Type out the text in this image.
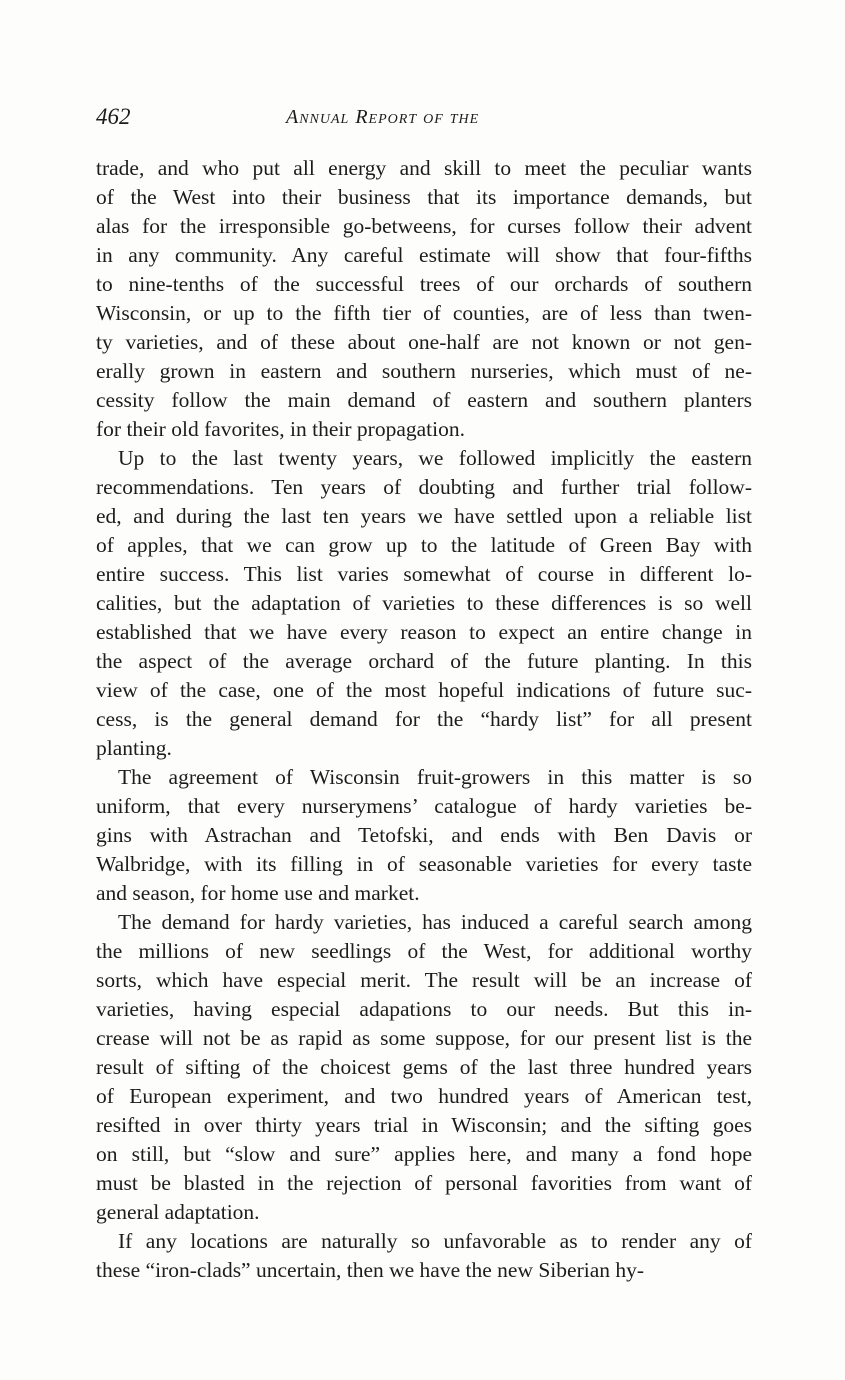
462	Annual Report of the
trade, and who put all energy and skill to meet the peculiar wants
of the West into their business that its importance demands, but
alas for the irresponsible go-betweens, for curses follow their advent
in any community. Any careful estimate will show that four-fifths
to nine-tenths of the successful trees of our orchards of southern
Wisconsin, or up to the fifth tier of counties, are of less than twen-
ty varieties, and of these about one-half are not known or not gen-
erally grown in eastern and southern nurseries, which must of ne-
cessity follow the main demand of eastern and southern planters
for their old favorites, in their propagation.
Up to the last twenty years, we followed implicitly the eastern
recommendations. Ten years of doubting and further trial follow-
ed, and during the last ten years we have settled upon a reliable list
of apples, that we can grow up to the latitude of Green Bay with
entire success. This list varies somewhat of course in different lo-
calities, but the adaptation of varieties to these differences is so well
established that we have every reason to expect an entire change in
the aspect of the average orchard of the future planting. In this
view of the case, one of the most hopeful indications of future suc-
cess, is the general demand for the “hardy list” for all present
planting.
The agreement of Wisconsin fruit-growers in this matter is so
uniform, that every nurserymens’ catalogue of hardy varieties be-
gins with Astrachan and Tetofski, and ends with Ben Davis or
Walbridge, with its filling in of seasonable varieties for every taste
and season, for home use and market.
The demand for hardy varieties, has induced a careful search among
the millions of new seedlings of the West, for additional worthy
sorts, which have especial merit. The result will be an increase of
varieties, having especial adapations to our needs. But this in-
crease will not be as rapid as some suppose, for our present list is the
result of sifting of the choicest gems of the last three hundred years
of European experiment, and two hundred years of American test,
resifted in over thirty years trial in Wisconsin; and the sifting goes
on still, but “slow and sure” applies here, and many a fond hope
must be blasted in the rejection of personal favorities from want of
general adaptation.
If any locations are naturally so unfavorable as to render any of
these “iron-clads” uncertain, then we have the new Siberian hy-
